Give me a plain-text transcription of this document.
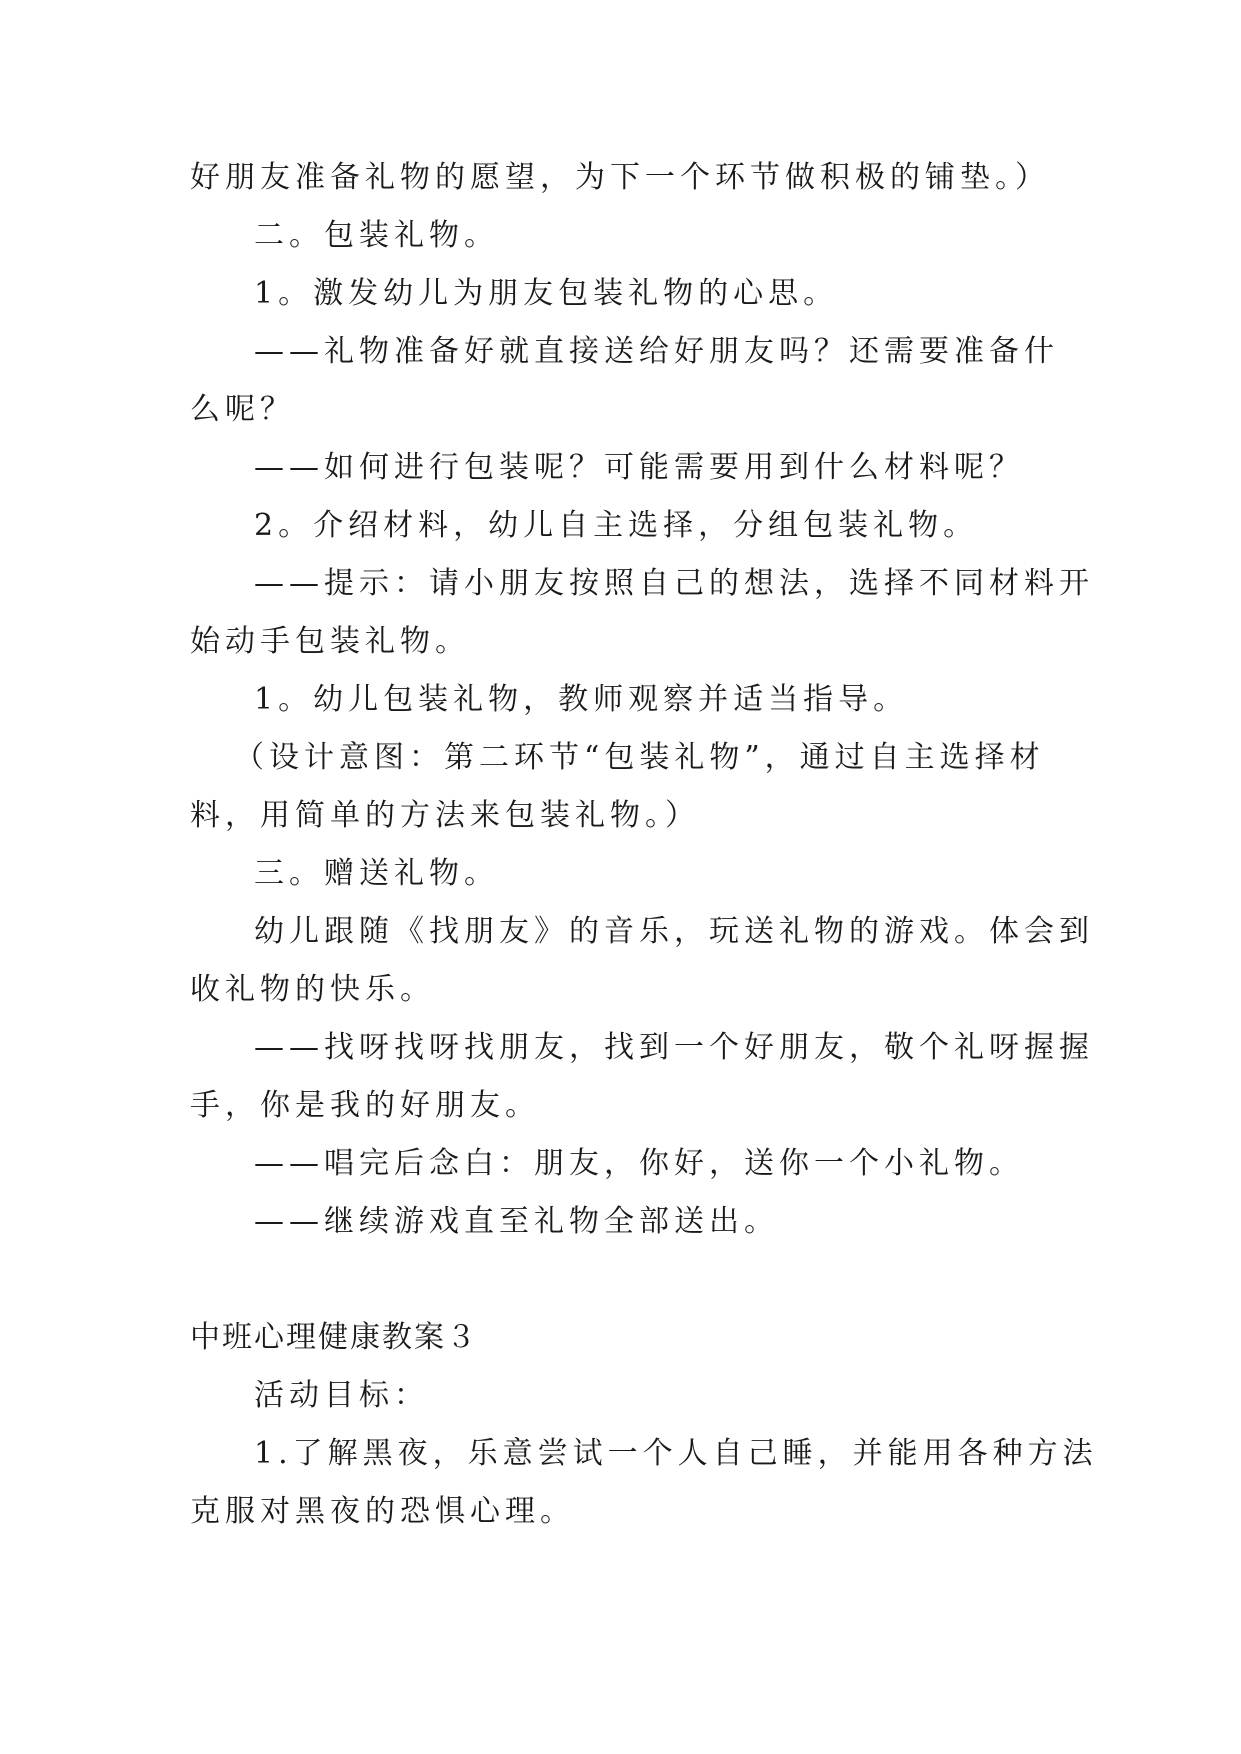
好朋友准备礼物的愿望，为下一个环节做积极的铺垫。）

二。包装礼物。

1。激发幼儿为朋友包装礼物的心思。

——礼物准备好就直接送给好朋友吗？还需要准备什

么呢？

——如何进行包装呢？可能需要用到什么材料呢？

2。介绍材料，幼儿自主选择，分组包装礼物。

——提示：请小朋友按照自己的想法，选择不同材料开

始动手包装礼物。

1。幼儿包装礼物，教师观察并适当指导。

（设计意图：第二环节“包装礼物”，通过自主选择材

料，用简单的方法来包装礼物。）

三。赠送礼物。

幼儿跟随《找朋友》的音乐，玩送礼物的游戏。体会到

收礼物的快乐。

——找呀找呀找朋友，找到一个好朋友，敬个礼呀握握

手，你是我的好朋友。

——唱完后念白：朋友，你好，送你一个小礼物。

——继续游戏直至礼物全部送出。

中班心理健康教案３

活动目标：

1.了解黑夜，乐意尝试一个人自己睡，并能用各种方法

克服对黑夜的恐惧心理。
